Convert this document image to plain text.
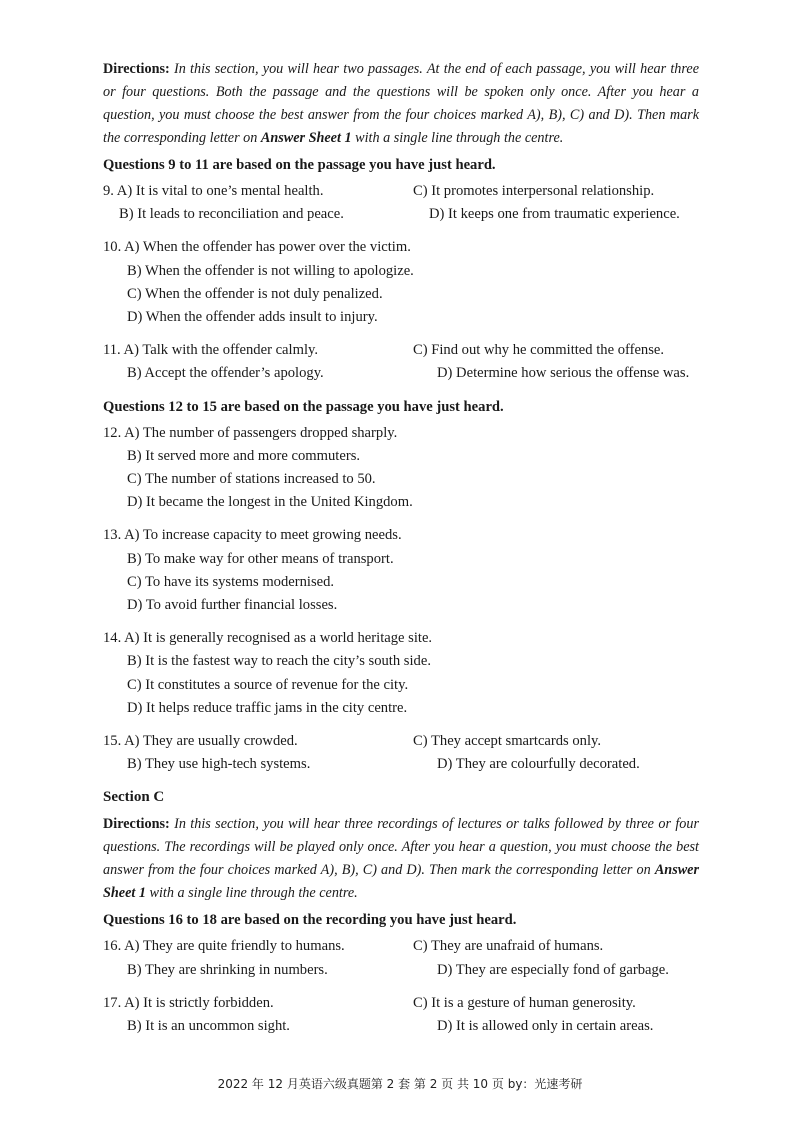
Directions: In this section, you will hear two passages. At the end of each passage, you will hear three or four questions. Both the passage and the questions will be spoken only once. After you hear a question, you must choose the best answer from the four choices marked A), B), C) and D). Then mark the corresponding letter on Answer Sheet 1 with a single line through the centre.

Questions 9 to 11 are based on the passage you have just heard.
9. A) It is vital to one’s mental health.	C) It promotes interpersonal relationship.
B) It leads to reconciliation and peace.	D) It keeps one from traumatic experience.
10. A) When the offender has power over the victim.
B) When the offender is not willing to apologize.
C) When the offender is not duly penalized.
D) When the offender adds insult to injury.
11. A) Talk with the offender calmly.	C) Find out why he committed the offense.
B) Accept the offender’s apology.	D) Determine how serious the offense was.
Questions 12 to 15 are based on the passage you have just heard.
12. A) The number of passengers dropped sharply.
B) It served more and more commuters.
C) The number of stations increased to 50.
D) It became the longest in the United Kingdom.
13. A) To increase capacity to meet growing needs.
B) To make way for other means of transport.
C) To have its systems modernised.
D) To avoid further financial losses.
14. A) It is generally recognised as a world heritage site.
B) It is the fastest way to reach the city’s south side.
C) It constitutes a source of revenue for the city.
D) It helps reduce traffic jams in the city centre.
15. A) They are usually crowded.	C) They accept smartcards only.
B) They use high-tech systems.	D) They are colourfully decorated.
Section C

Directions: In this section, you will hear three recordings of lectures or talks followed by three or four questions. The recordings will be played only once. After you hear a question, you must choose the best answer from the four choices marked A), B), C) and D). Then mark the corresponding letter on Answer Sheet 1 with a single line through the centre.

Questions 16 to 18 are based on the recording you have just heard.
16. A) They are quite friendly to humans.	C) They are unafraid of humans.
B) They are shrinking in numbers.	D) They are especially fond of garbage.
17. A) It is strictly forbidden.	C) It is a gesture of human generosity.
B) It is an uncommon sight.	D) It is allowed only in certain areas.
2022 年 12 月英语六级真题第 2 套 第 2 页 共 10 页 by：光速考研
